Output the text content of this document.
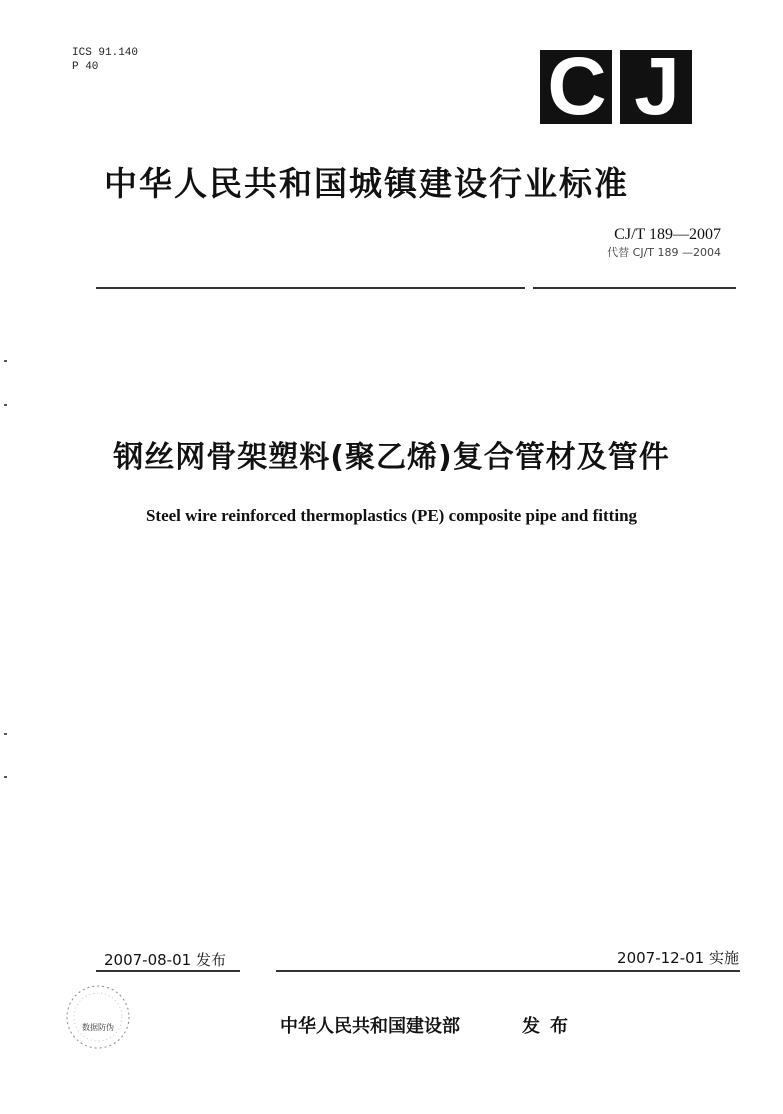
ICS 91.140
P 40	C J
中华人民共和国城镇建设行业标准
CJ/T 189—2007
代替 CJ/T 189 —2004
钢丝网骨架塑料(聚乙烯)复合管材及管件
Steel wire reinforced thermoplastics (PE) composite pipe and fitting
2007-08-01 发布	2007-12-01 实施
数据防伪	中华人民共和国建设部	发布
